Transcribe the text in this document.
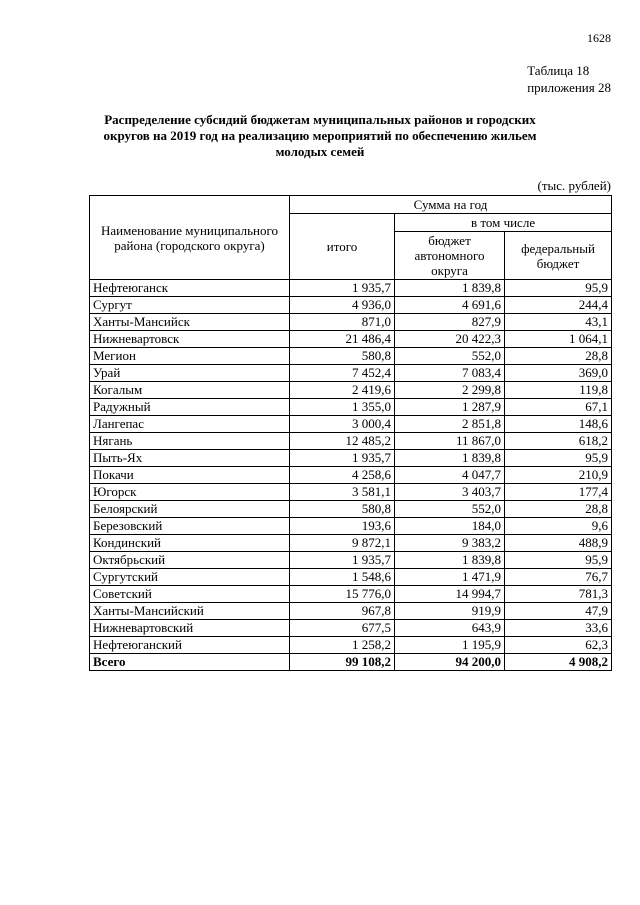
1628
Таблица 18
приложения 28
Распределение субсидий бюджетам муниципальных районов и городских округов на 2019 год на реализацию мероприятий по обеспечению жильем молодых семей
(тыс. рублей)
Наименование муниципального района (городского округа)	Сумма на год		
	итого	в том числе	
		бюджет автономного округа	федеральный бюджет
Нефтеюганск	1 935,7	1 839,8	95,9
Сургут	4 936,0	4 691,6	244,4
Ханты-Мансийск	871,0	827,9	43,1
Нижневартовск	21 486,4	20 422,3	1 064,1
Мегион	580,8	552,0	28,8
Урай	7 452,4	7 083,4	369,0
Когалым	2 419,6	2 299,8	119,8
Радужный	1 355,0	1 287,9	67,1
Лангепас	3 000,4	2 851,8	148,6
Нягань	12 485,2	11 867,0	618,2
Пыть-Ях	1 935,7	1 839,8	95,9
Покачи	4 258,6	4 047,7	210,9
Югорск	3 581,1	3 403,7	177,4
Белоярский	580,8	552,0	28,8
Березовский	193,6	184,0	9,6
Кондинский	9 872,1	9 383,2	488,9
Октябрьский	1 935,7	1 839,8	95,9
Сургутский	1 548,6	1 471,9	76,7
Советский	15 776,0	14 994,7	781,3
Ханты-Мансийский	967,8	919,9	47,9
Нижневартовский	677,5	643,9	33,6
Нефтеюганский	1 258,2	1 195,9	62,3
Всего	99 108,2	94 200,0	4 908,2
